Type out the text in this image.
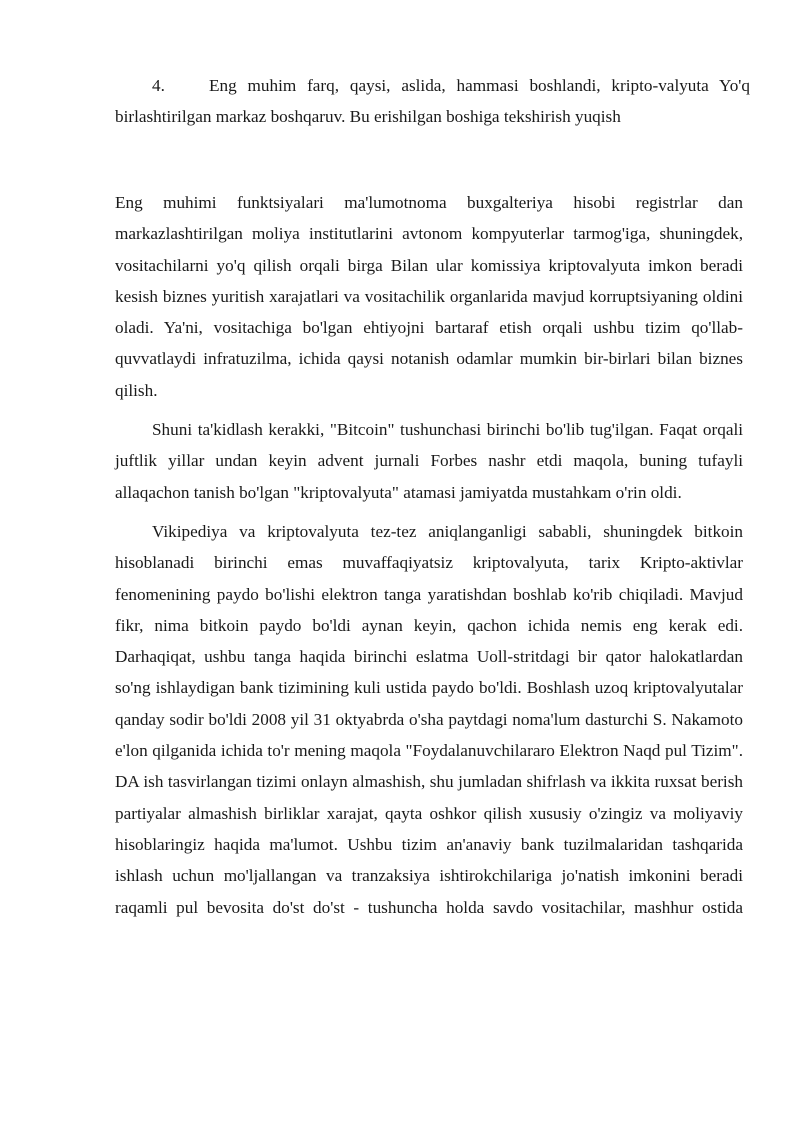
4.	Eng muhim farq, qaysi, aslida, hammasi boshlandi, kripto-valyuta Yo'q birlashtirilgan markaz boshqaruv. Bu erishilgan boshiga tekshirish yuqish

Eng muhimi funktsiyalari ma'lumotnoma buxgalteriya hisobi registrlar dan markazlashtirilgan moliya institutlarini avtonom kompyuterlar tarmog'iga, shuningdek, vositachilarni yo'q qilish orqali birga Bilan ular komissiya kriptovalyuta imkon beradi kesish biznes yuritish xarajatlari va vositachilik organlarida mavjud korruptsiyaning oldini oladi. Ya'ni, vositachiga bo'lgan ehtiyojni bartaraf etish orqali ushbu tizim qo'llab-quvvatlaydi infratuzilma, ichida qaysi notanish odamlar mumkin bir-birlari bilan biznes qilish.

Shuni ta'kidlash kerakki, "Bitcoin" tushunchasi birinchi bo'lib tug'ilgan. Faqat orqali juftlik yillar undan keyin advent jurnali Forbes nashr etdi maqola, buning tufayli allaqachon tanish bo'lgan "kriptovalyuta" atamasi jamiyatda mustahkam o'rin oldi.

Vikipediya va kriptovalyuta tez-tez aniqlanganligi sababli, shuningdek bitkoin hisoblanadi birinchi emas muvaffaqiyatsiz kriptovalyuta, tarix Kripto-aktivlar fenomenining paydo bo'lishi elektron tanga yaratishdan boshlab ko'rib chiqiladi. Mavjud fikr, nima bitkoin paydo bo'ldi aynan keyin, qachon ichida nemis eng kerak edi. Darhaqiqat, ushbu tanga haqida birinchi eslatma Uoll-stritdagi bir qator halokatlardan so'ng ishlaydigan bank tizimining kuli ustida paydo bo'ldi. Boshlash uzoq kriptovalyutalar qanday sodir bo'ldi 2008 yil 31 oktyabrda o'sha paytdagi noma'lum dasturchi S. Nakamoto e'lon qilganida ichida to'r mening maqola "Foydalanuvchilararo Elektron Naqd pul Tizim". DA ish tasvirlangan tizimi onlayn almashish, shu jumladan shifrlash va ikkita ruxsat berish partiyalar almashish birliklar xarajat, qayta oshkor qilish xususiy o'zingiz va moliyaviy hisoblaringiz haqida ma'lumot. Ushbu tizim an'anaviy bank tuzilmalaridan tashqarida ishlash uchun mo'ljallangan va tranzaksiya ishtirokchilariga jo'natish imkonini beradi raqamli pul bevosita do'st do'st - tushuncha holda savdo vositachilar, mashhur ostida
